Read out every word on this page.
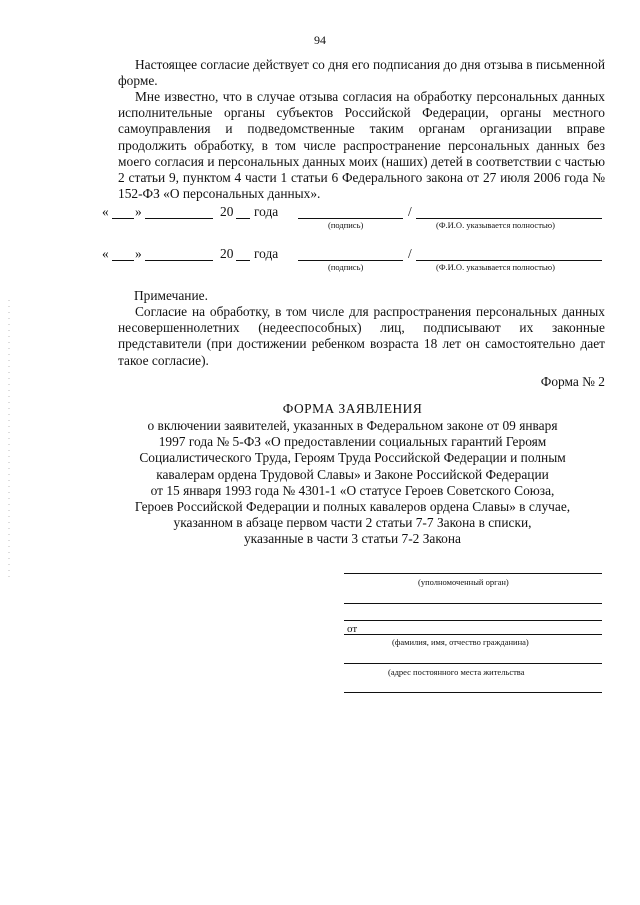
94

Настоящее согласие действует со дня его подписания до дня отзыва в письменной форме.

Мне известно, что в случае отзыва согласия на обработку персональных данных исполнительные органы субъектов Российской Федерации, органы местного самоуправления и подведомственные таким органам организации вправе продолжить обработку, в том числе распространение персональных данных без моего согласия и персональных данных моих (наших) детей в соответствии с частью 2 статьи 9, пунктом 4 части 1 статьи 6 Федерального закона от 27 июля 2006 года № 152-ФЗ «О персональных данных».

« »	20 года	/
(подпись)	(Ф.И.О. указывается полностью)
« »	20 года	/
(подпись)	(Ф.И.О. указывается полностью)
Примечание.

Согласие на обработку, в том числе для распространения персональных данных несовершеннолетних (недееспособных) лиц, подписывают их законные представители (при достижении ребенком возраста 18 лет он самостоятельно дает такое согласие).

Форма № 2
ФОРМА ЗАЯВЛЕНИЯ
о включении заявителей, указанных в Федеральном законе от 09 января
1997 года № 5-ФЗ «О предоставлении социальных гарантий Героям
Социалистического Труда, Героям Труда Российской Федерации и полным
кавалерам ордена Трудовой Славы» и Законе Российской Федерации
от 15 января 1993 года № 4301-1 «О статусе Героев Советского Союза,
Героев Российской Федерации и полных кавалеров ордена Славы» в случае,
указанном в абзаце первом части 2 статьи 7-7 Закона в списки,
указанные в части 3 статьи 7-2 Закона
(уполномоченный орган)
от
(фамилия, имя, отчество гражданина)
(адрес постоянного места жительства
